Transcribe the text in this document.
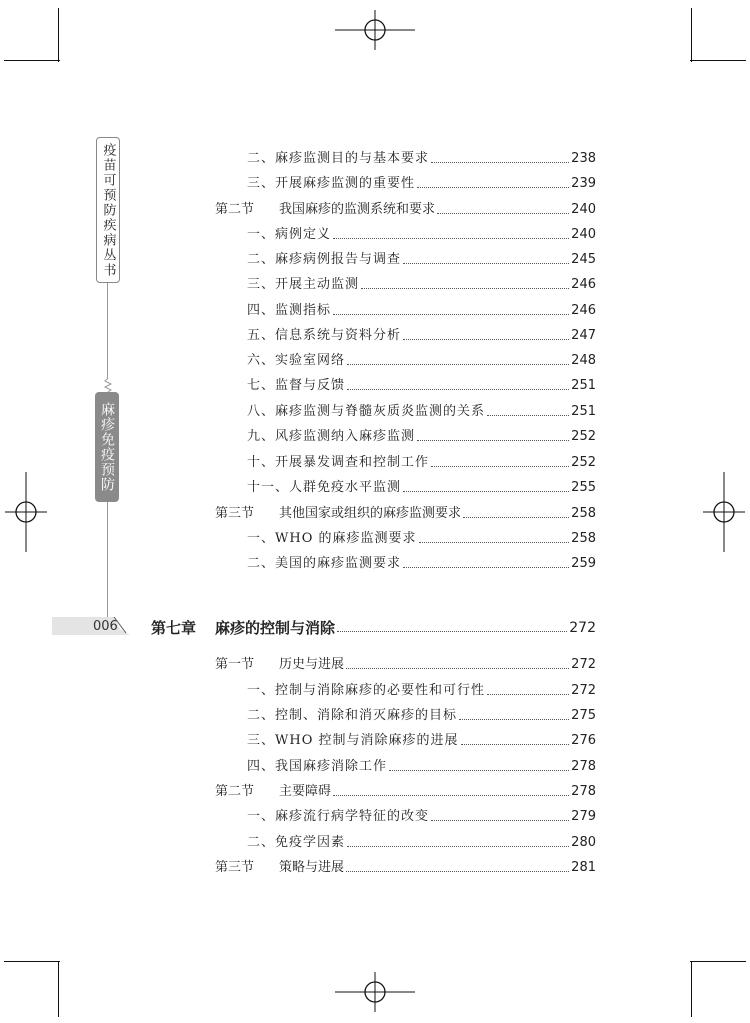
疫苗可预防疾病丛书
麻疹免疫预防
006
二、麻疹监测目的与基本要求	238
三、开展麻疹监测的重要性	239
第二节 我国麻疹的监测系统和要求	240
一、病例定义	240
二、麻疹病例报告与调查	245
三、开展主动监测	246
四、监测指标	246
五、信息系统与资料分析	247
六、实验室网络	248
七、监督与反馈	251
八、麻疹监测与脊髓灰质炎监测的关系	251
九、风疹监测纳入麻疹监测	252
十、开展暴发调查和控制工作	252
十一、人群免疫水平监测	255
第三节 其他国家或组织的麻疹监测要求	258
一、WHO 的麻疹监测要求	258
二、美国的麻疹监测要求	259
第七章 麻疹的控制与消除	272
第一节 历史与进展	272
一、控制与消除麻疹的必要性和可行性	272
二、控制、消除和消灭麻疹的目标	275
三、WHO 控制与消除麻疹的进展	276
四、我国麻疹消除工作	278
第二节 主要障碍	278
一、麻疹流行病学特征的改变	279
二、免疫学因素	280
第三节 策略与进展	281
